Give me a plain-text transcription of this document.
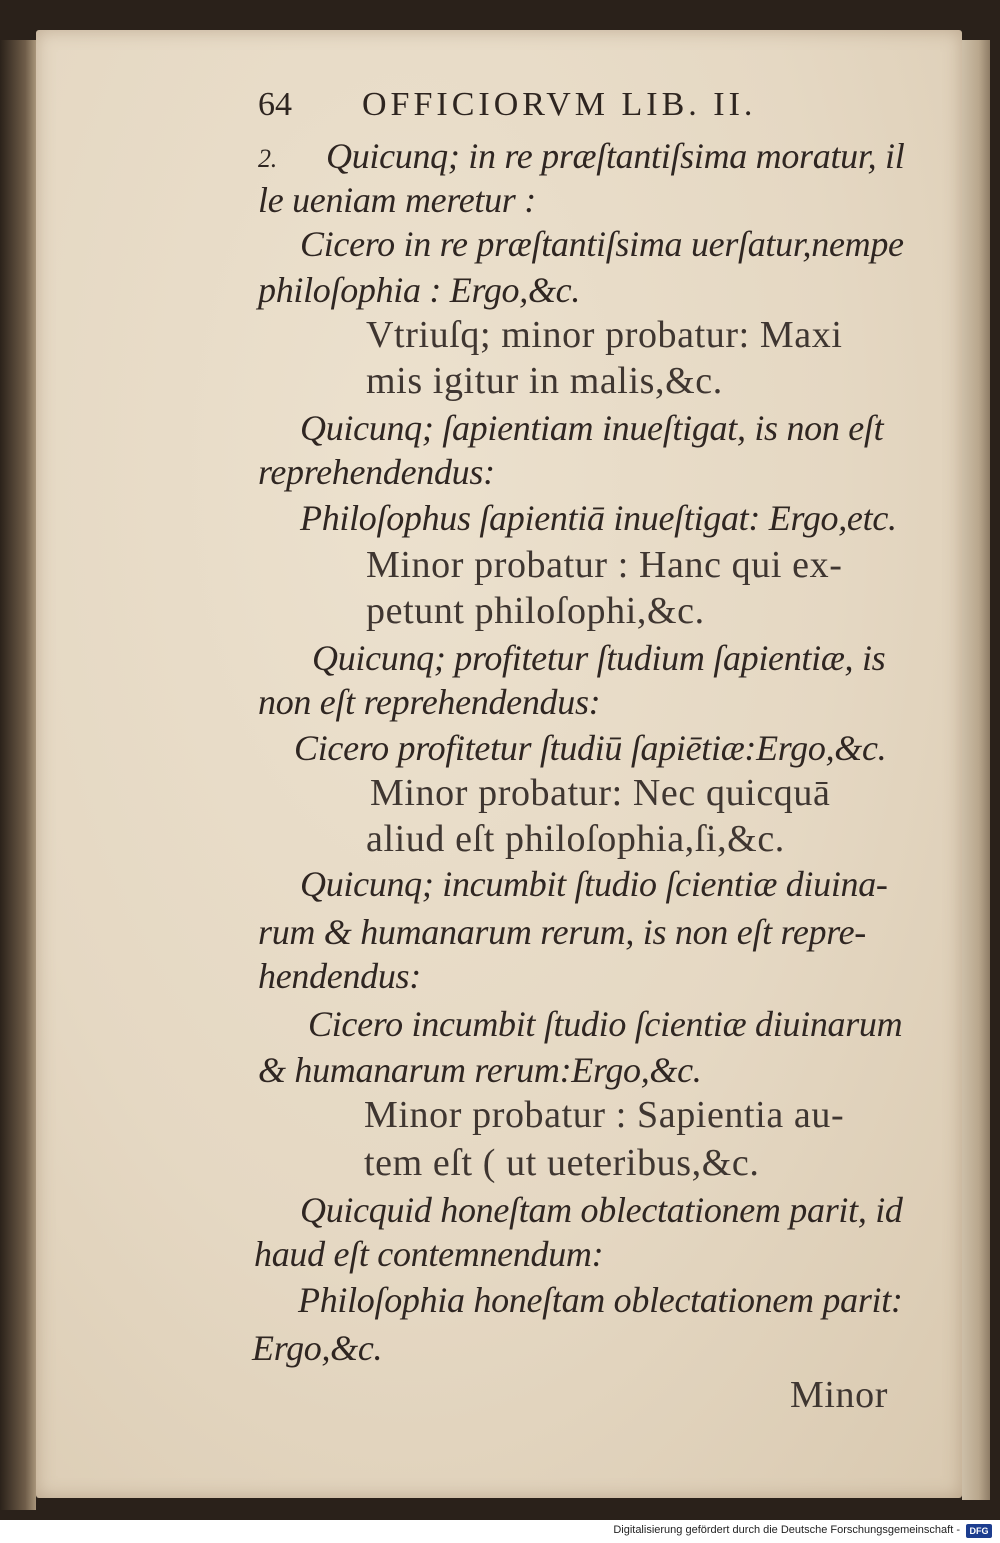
64 OFFICIORVM LIB. II.
2. Quicunq; in re præſtantiſsima moratur, il
le ueniam meretur :
Cicero in re præſtantiſsima uerſatur,nempe
philoſophia : Ergo,&c.
Vtriuſq; minor probatur: Maxi
mis igitur in malis,&c.
Quicunq; ſapientiam inueſtigat, is non eſt
reprehendendus:
Philoſophus ſapientiā inueſtigat: Ergo,etc.
Minor probatur : Hanc qui ex-
petunt philoſophi,&c.
Quicunq; profitetur ſtudium ſapientiæ, is
non eſt reprehendendus:
Cicero profitetur ſtudiū ſapiētiæ:Ergo,&c.
Minor probatur: Nec quicquā
aliud eſt philoſophia,ſi,&c.
Quicunq; incumbit ſtudio ſcientiæ diuina-
rum & humanarum rerum, is non eſt repre-
hendendus:
Cicero incumbit ſtudio ſcientiæ diuinarum
& humanarum rerum:Ergo,&c.
Minor probatur : Sapientia au-
tem eſt ( ut ueteribus,&c.
Quicquid honeſtam oblectationem parit, id
haud eſt contemnendum:
Philoſophia honeſtam oblectationem parit:
Ergo,&c.
Minor
Digitalisierung gefördert durch die Deutsche Forschungsgemeinschaft -	DFG
